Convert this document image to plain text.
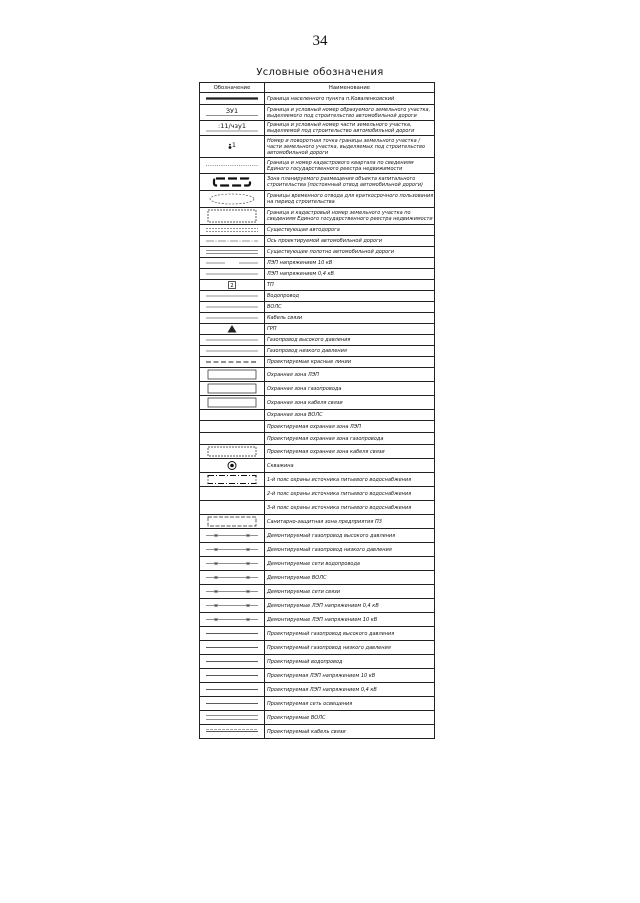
34
Условные обозначения
Обозначение	Наименование

	Граница населенного пункта п.Коваленковский

ЗУ1	Граница и условный номер образуемого земельного участка, выделяемого под строительство автомобильной дороги

:11/чзу1	Граница и условный номер части земельного участка, выделяемой под строительство автомобильной дороги

•1	Номер и поворотная точка границы земельного участка /части земельного участка, выделяемых под строительство автомобильной дороги

	Граница и номер кадастрового квартала по сведениям Единого государственного реестра недвижимости

	Зона планируемого размещения объекта капитального строительства (постоянный отвод автомобильной дороги)

	Границы временного отвода для краткосрочного пользования на период строительства

	Граница и кадастровый номер земельного участка по сведениям Единого государственного реестра недвижимости

	Существующая автодорога

	Ось проектируемой автомобильной дороги

	Существующее полотно автомобильной дороги

	ЛЭП напряжением 10 кВ

	ЛЭП напряжением 0,4 кВ

2	ТП

	Водопровод

	ВОЛС

	Кабель связи

	ГРП

	Газопровод высокого давления

	Газопровод низкого давления

	Проектируемые красные линии

	Охранная зона ЛЭП

	Охранная зона газопровода

	Охранная зона кабеля связи

	Охранная зона ВОЛС

	Проектируемая охранная зона ЛЭП

	Проектируемая охранная зона газопровода

	Проектируемая охранная зона кабеля связи

	Скважина

	1-й пояс охраны источника питьевого водоснабжения

	2-й пояс охраны источника питьевого водоснабжения

	3-й пояс охраны источника питьевого водоснабжения

	Санитарно-защитная зона предприятия П3

× ×	Демонтируемый газопровод высокого давления

× ×	Демонтируемый газопровод низкого давления

× ×	Демонтируемые сети водопровода

× ×	Демонтируемые ВОЛС

× ×	Демонтируемые сети связи

× ×	Демонтируемые ЛЭП напряжением 0,4 кВ

× ×	Демонтируемые ЛЭП напряжением 10 кВ

	Проектируемый газопровод высокого давления

	Проектируемый газопровод низкого давления

	Проектируемый водопровод

	Проектируемая ЛЭП напряжением 10 кВ

	Проектируемая ЛЭП напряжением 0,4 кВ

	Проектируемая сеть освещения

	Проектируемые ВОЛС

	Проектируемый кабель связи
